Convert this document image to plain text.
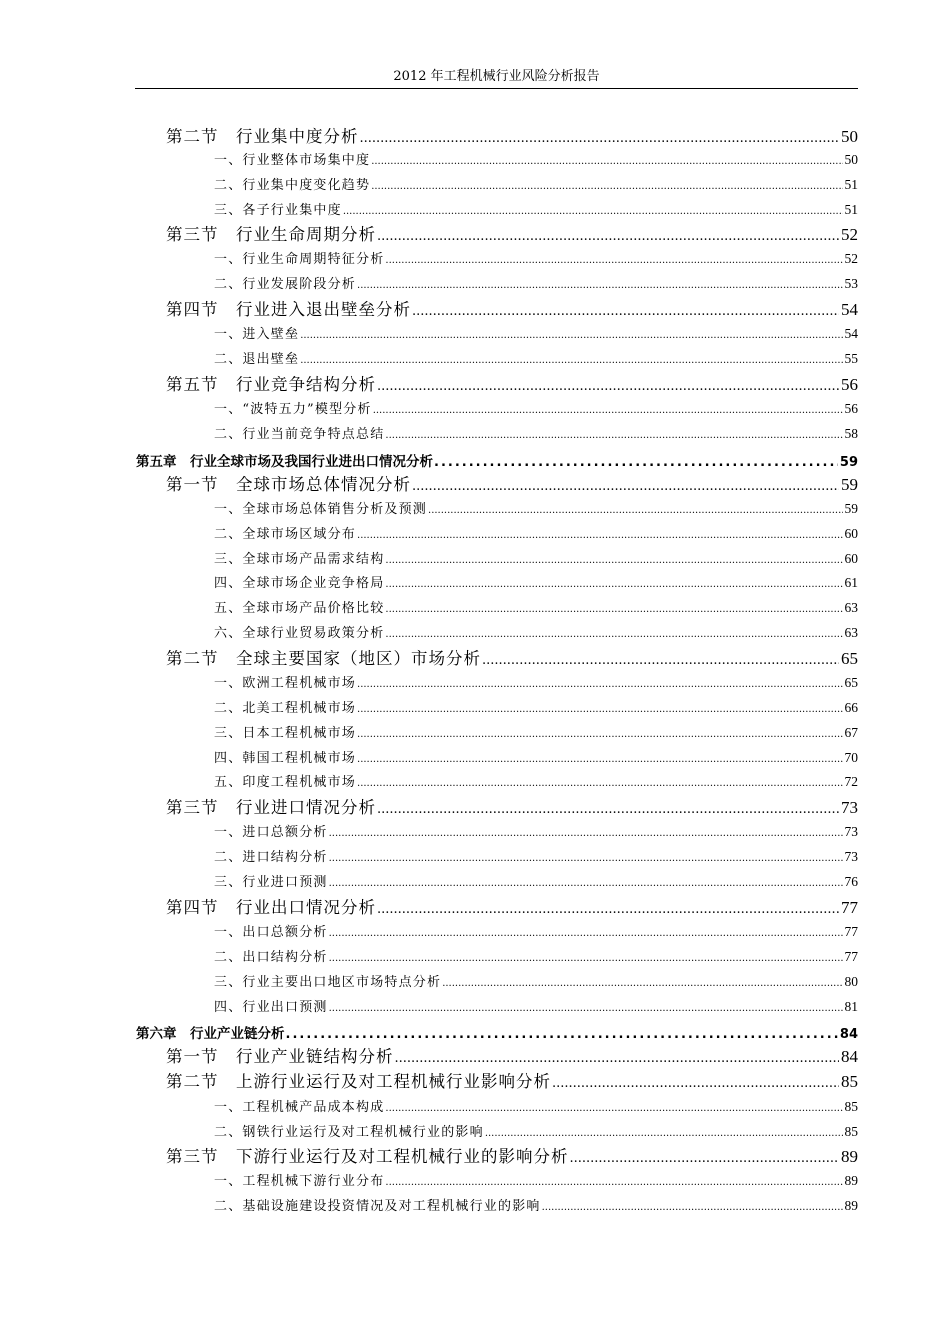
2012 年工程机械行业风险分析报告
第二节　行业集中度分析 .....	50
一、行业整体市场集中度 .....	50
二、行业集中度变化趋势 .....	51
三、各子行业集中度 .....	51
第三节　行业生命周期分析 .....	52
一、行业生命周期特征分析 .....	52
二、行业发展阶段分析 .....	53
第四节　行业进入退出壁垒分析 .....	54
一、进入壁垒 .....	54
二、退出壁垒 .....	55
第五节　行业竞争结构分析 .....	56
一、“波特五力”模型分析 .....	56
二、行业当前竞争特点总结 .....	58
第五章　行业全球市场及我国行业进出口情况分析 .....	59
第一节　全球市场总体情况分析 .....	59
一、全球市场总体销售分析及预测 .....	59
二、全球市场区域分布 .....	60
三、全球市场产品需求结构 .....	60
四、全球市场企业竞争格局 .....	61
五、全球市场产品价格比较 .....	63
六、全球行业贸易政策分析 .....	63
第二节　全球主要国家（地区）市场分析 .....	65
一、欧洲工程机械市场 .....	65
二、北美工程机械市场 .....	66
三、日本工程机械市场 .....	67
四、韩国工程机械市场 .....	70
五、印度工程机械市场 .....	72
第三节　行业进口情况分析 .....	73
一、进口总额分析 .....	73
二、进口结构分析 .....	73
三、行业进口预测 .....	76
第四节　行业出口情况分析 .....	77
一、出口总额分析 .....	77
二、出口结构分析 .....	77
三、行业主要出口地区市场特点分析 .....	80
四、行业出口预测 .....	81
第六章　行业产业链分析 .....	84
第一节　行业产业链结构分析 .....	84
第二节　上游行业运行及对工程机械行业影响分析 .....	85
一、工程机械产品成本构成 .....	85
二、钢铁行业运行及对工程机械行业的影响 .....	85
第三节　下游行业运行及对工程机械行业的影响分析 .....	89
一、工程机械下游行业分布 .....	89
二、基础设施建设投资情况及对工程机械行业的影响 .....	89
